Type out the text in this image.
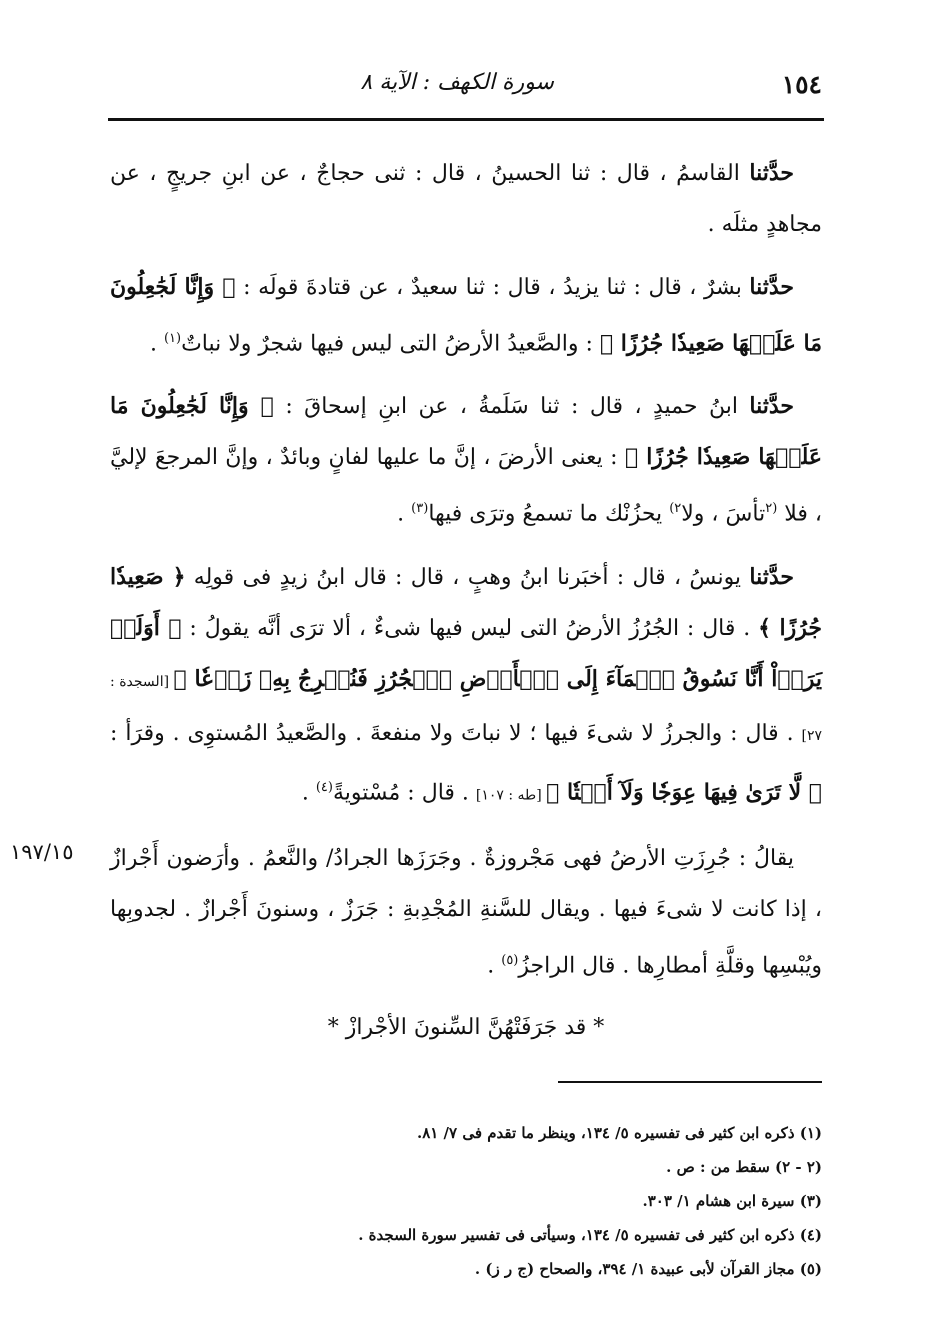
١٥٤
سورة الكهف : الآية ٨

حدَّثنا القاسمُ ، قال : ثنا الحسينُ ، قال : ثنى حجاجٌ ، عن ابنِ جريجٍ ، عن مجاهدٍ مثلَه .

حدَّثنا بشرٌ ، قال : ثنا يزيدُ ، قال : ثنا سعيدٌ ، عن قتادةَ قولَه : ﴿ وَإِنَّا لَجَٰعِلُونَ مَا عَلَيۡهَا صَعِيدٗا جُرُزًا ﴾ : والصَّعيدُ الأرضُ التى ليس فيها شجرٌ ولا نباتٌ$^{(١)}$ .

حدَّثنا ابنُ حميدٍ ، قال : ثنا سَلَمةُ ، عن ابنِ إسحاقَ : ﴿ وَإِنَّا لَجَٰعِلُونَ مَا عَلَيۡهَا صَعِيدٗا جُرُزًا ﴾ : يعنى الأرضَ ، إنَّ ما عليها لفانٍ وبائدٌ ، وإنَّ المرجعَ لإليَّ ، فلا $^{(٢}$تأسَ ، ولا$^{٢)}$ يحزُنْك ما تسمعُ وترَى فيها$^{(٣)}$ .

حدَّثنا يونسُ ، قال : أخبَرنا ابنُ وهبٍ ، قال : قال ابنُ زيدٍ فى قولِه ﴿ صَعِيدٗا جُرُزًا ﴾ . قال : الجُرُزُ الأرضُ التى ليس فيها شىءٌ ، ألا ترَى أنَّه يقولُ : ﴿ أَوَلَمۡ يَرَوۡاْ أَنَّا نَسُوقُ ٱلۡمَآءَ إِلَى ٱلۡأَرۡضِ ٱلۡجُرُزِ فَنُخۡرِجُ بِهِۦ زَرۡعٗا ﴾ [السجدة : ٢٧] . قال : والجرزُ لا شىءَ فيها ؛ لا نباتَ ولا منفعةَ . والصَّعيدُ المُستوِى . وقرَأ : ﴿ لَّا تَرَىٰ فِيهَا عِوَجٗا وَلَآ أَمۡتٗا ﴾ [طه : ١٠٧] . قال : مُسْتويةً$^{(٤)}$ .

يقالُ : جُرِزَتِ الأرضُ فهى مَجْروزةٌ . وجَرَزَها الجرادُ/ والنَّعمُ . وأرَضون أَجْرازٌ ، إذا كانت لا شىءَ فيها . ويقال للسَّنةِ المُجْدِبةِ : جَرَزٌ ، وسنونَ أَجْرازٌ . لجدوبِها ويُبْسِها وقلَّةِ أمطارِها . قال الراجزُ$^{(٥)}$ .

* قد جَرَفَتْهُنَّ السِّنونَ الأجْرازْ *
١٩٧/١٥
(١) ذكره ابن كثير فى تفسيره ٥/ ١٣٤، وينظر ما تقدم فى ٧/ ٨١.
(٢ - ٢) سقط من : ص .
(٣) سيرة ابن هشام ١/ ٣٠٣.
(٤) ذكره ابن كثير فى تفسيره ٥/ ١٣٤، وسيأتى فى تفسير سورة السجدة .
(٥) مجاز القرآن لأبى عبيدة ١/ ٣٩٤، والصحاح (ج ر ز) .
